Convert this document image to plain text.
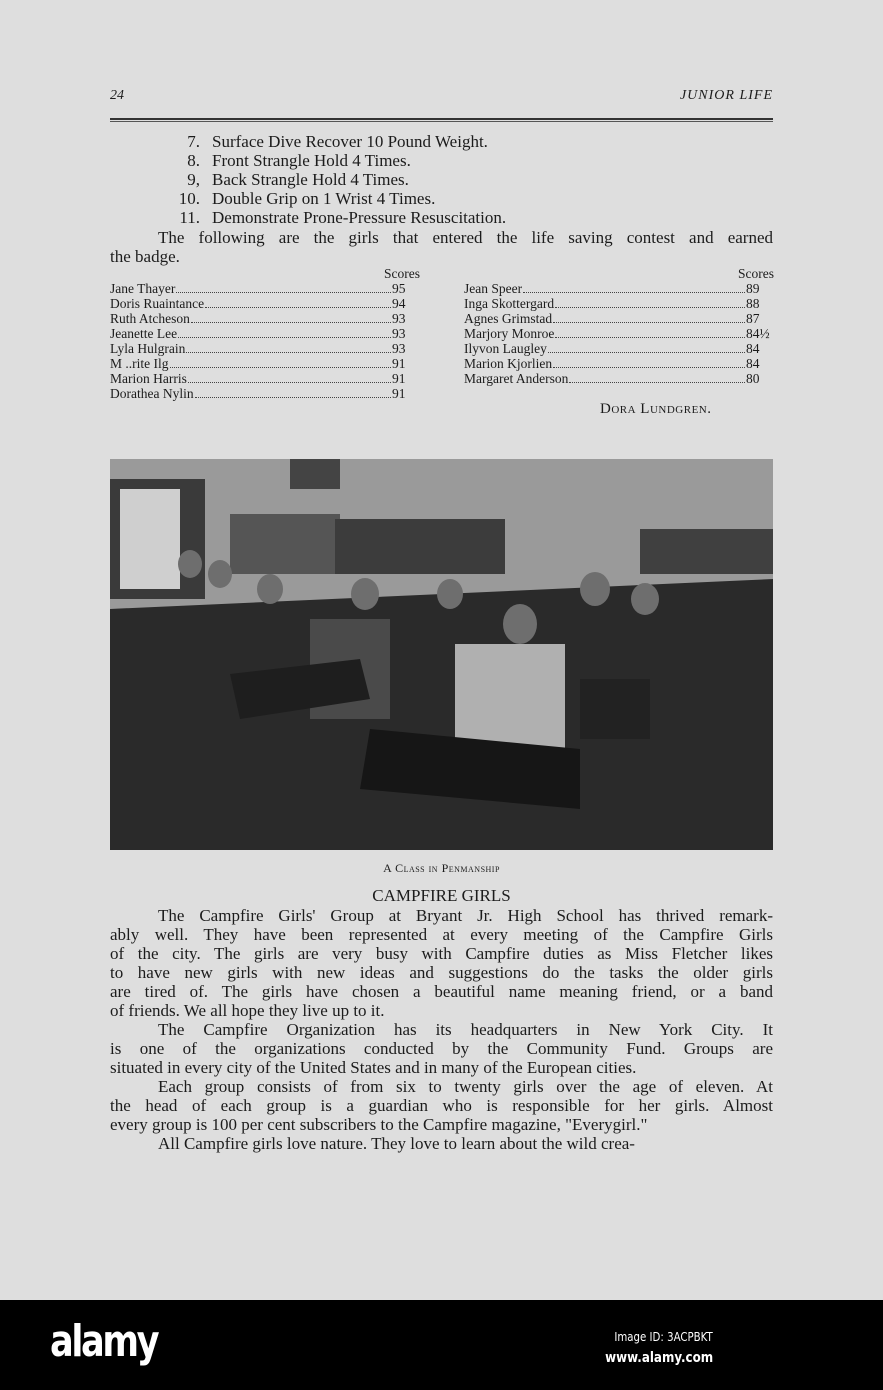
24	JUNIOR LIFE
7. Surface Dive Recover 10 Pound Weight.
8. Front Strangle Hold 4 Times.
9, Back Strangle Hold 4 Times.
10. Double Grip on 1 Wrist 4 Times.
11. Demonstrate Prone-Pressure Resuscitation.
The following are the girls that entered the life saving contest and earned
the badge.
Scores
Jane Thayer	95
Doris Ruaintance	94
Ruth Atcheson	93
Jeanette Lee	93
Lyla Hulgrain	93
M ..rite Ilg	91
Marion Harris	91
Dorathea Nylin	91
Scores
Jean Speer	89
Inga Skottergard	88
Agnes Grimstad	87
Marjory Monroe	84½
Ilyvon Laugley	84
Marion Kjorlien	84
Margaret Anderson	80
Dora Lundgren.
A Class in Penmanship
CAMPFIRE GIRLS
The Campfire Girls' Group at Bryant Jr. High School has thrived remark-
ably well. They have been represented at every meeting of the Campfire Girls
of the city. The girls are very busy with Campfire duties as Miss Fletcher likes
to have new girls with new ideas and suggestions do the tasks the older girls
are tired of. The girls have chosen a beautiful name meaning friend, or a band
of friends. We all hope they live up to it.
The Campfire Organization has its headquarters in New York City. It
is one of the organizations conducted by the Community Fund. Groups are
situated in every city of the United States and in many of the European cities.
Each group consists of from six to twenty girls over the age of eleven. At
the head of each group is a guardian who is responsible for her girls. Almost
every group is 100 per cent subscribers to the Campfire magazine, "Everygirl."
All Campfire girls love nature. They love to learn about the wild crea-
alamy	Image ID: 3ACPBKT
www.alamy.com
